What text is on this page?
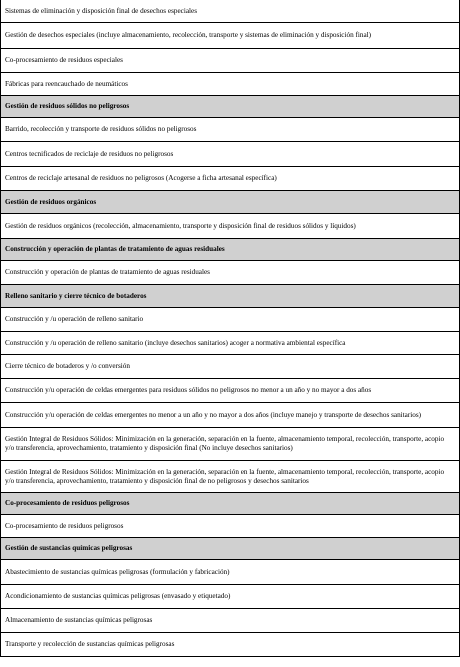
Sistemas de eliminación y disposición final de desechos especiales
Gestión de desechos especiales (incluye almacenamiento, recolección, transporte y sistemas de eliminación y disposición final)
Co-procesamiento de residuos especiales
Fábricas para reencauchado de neumáticos
Gestión de residuos sólidos no peligrosos
Barrido, recolección y transporte de residuos sólidos no peligrosos
Centros tecnificados de reciclaje de residuos no peligrosos
Centros de reciclaje artesanal de residuos no peligrosos (Acogerse a ficha artesanal específica)
Gestión de residuos orgánicos
Gestión de residuos orgánicos (recolección, almacenamiento, transporte y disposición final de residuos sólidos y líquidos)
Construcción y operación de plantas de tratamiento de aguas residuales
Construcción y operación de plantas de tratamiento de aguas residuales
Relleno sanitario y cierre técnico de botaderos
Construcción y /u operación de relleno sanitario
Construcción y /u operación de relleno sanitario (incluye desechos sanitarios) acoger a normativa ambiental específica
Cierre técnico de botaderos y /o conversión
Construcción y/u operación de celdas emergentes para residuos sólidos no peligrosos no menor a un año y no mayor a dos años
Construcción y/u operación de celdas emergentes no menor a un año y no mayor a dos años (incluye manejo y transporte de desechos sanitarios)
Gestión Integral de Residuos Sólidos: Minimización en la generación, separación en la fuente, almacenamiento temporal, recolección, transporte, acopio y/o transferencia, aprovechamiento, tratamiento y disposición final (No incluye desechos sanitarios)
Gestión Integral de Residuos Sólidos: Minimización en la generación, separación en la fuente, almacenamiento temporal, recolección, transporte, acopio y/o transferencia, aprovechamiento, tratamiento y disposición final de no peligrosos y desechos sanitarios
Co-procesamiento de residuos peligrosos
Co-procesamiento de residuos peligrosos
Gestión de sustancias químicas peligrosas
Abastecimiento de sustancias químicas peligrosas (formulación y fabricación)
Acondicionamiento de sustancias químicas peligrosas (envasado y etiquetado)
Almacenamiento de sustancias químicas peligrosas
Transporte y recolección de sustancias químicas peligrosas
